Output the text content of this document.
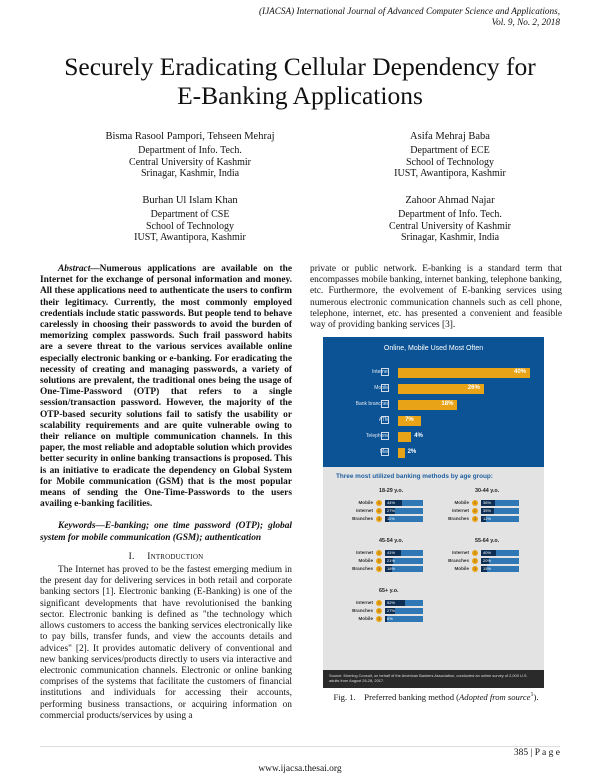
(IJACSA) International Journal of Advanced Computer Science and Applications,
Vol. 9, No. 2, 2018
Securely Eradicating Cellular Dependency for
E-Banking Applications
Bisma Rasool Pampori, Tehseen Mehraj
Department of Info. Tech.
Central University of Kashmir
Srinagar, Kashmir, India
Asifa Mehraj Baba
Department of ECE
School of Technology
IUST, Awantipora, Kashmir
Burhan Ul Islam Khan
Department of CSE
School of Technology
IUST, Awantipora, Kashmir
Zahoor Ahmad Najar
Department of Info. Tech.
Central University of Kashmir
Srinagar, Kashmir, India

Abstract—Numerous applications are available on the Internet for the exchange of personal information and money. All these applications need to authenticate the users to confirm their legitimacy. Currently, the most commonly employed credentials include static passwords. But people tend to behave carelessly in choosing their passwords to avoid the burden of memorizing complex passwords. Such frail password habits are a severe threat to the various services available online especially electronic banking or e-banking. For eradicating the necessity of creating and managing passwords, a variety of solutions are prevalent, the traditional ones being the usage of One-Time-Password (OTP) that refers to a single session/transaction password. However, the majority of the OTP-based security solutions fail to satisfy the usability or scalability requirements and are quite vulnerable owing to their reliance on multiple communication channels. In this paper, the most reliable and adoptable solution which provides better security in online banking transactions is proposed. This is an initiative to eradicate the dependency on Global System for Mobile communication (GSM) that is the most popular means of sending the One-Time-Passwords to the users availing e-banking facilities.

Keywords—E-banking; one time password (OTP); global system for mobile communication (GSM); authentication

I. Introduction

The Internet has proved to be the fastest emerging medium in the present day for delivering services in both retail and corporate banking sectors [1]. Electronic banking (E-Banking) is one of the significant developments that have revolutionised the banking sector. Electronic banking is defined as "the technology which allows customers to access the banking services electronically like to pay bills, transfer funds, and view the accounts details and advices" [2]. It provides automatic delivery of conventional and new banking services/products directly to users via interactive and electronic communication channels. Electronic or online banking comprises of the systems that facilitate the customers of financial institutions and individuals for accessing their accounts, performing business transactions, or acquiring information on commercial products/services by using a

private or public network. E-banking is a standard term that encompasses mobile banking, internet banking, telephone banking, etc. Furthermore, the evolvement of E-banking services using numerous electronic communication channels such as cell phone, telephone, internet, etc. has presented a convenient and feasible way of providing banking services [3].

Online, Mobile Used Most Often
Internet	40%
Mobile	26%
Bank branches	18%
ATM	7%
Telephone	4%
Mail	2%
Three most utilized banking methods by age group:
18-29 y.o.
Mobile	1	44%
Internet	2	27%
Branches	3	11%
30-44 y.o.
Mobile	1	36%
Internet	2	35%
Branches	3	12%
45-54 y.o.
Internet	1	41%
Mobile	2	21%
Branches	3	18%
55-64 y.o.
Internet	1	40%
Branches	2	20%
Mobile	3	15%
65+ y.o.
Internet	1	52%
Branches	2	27%
Mobile	3	6%
Source: Morning Consult, on behalf of the American Bankers Association, conducted an online survey of 2,000 U.S. adults from August 26-28, 2017.
Fig. 1. Preferred banking method (Adopted from source$^1$).
385 | P a g e
www.ijacsa.thesai.org
